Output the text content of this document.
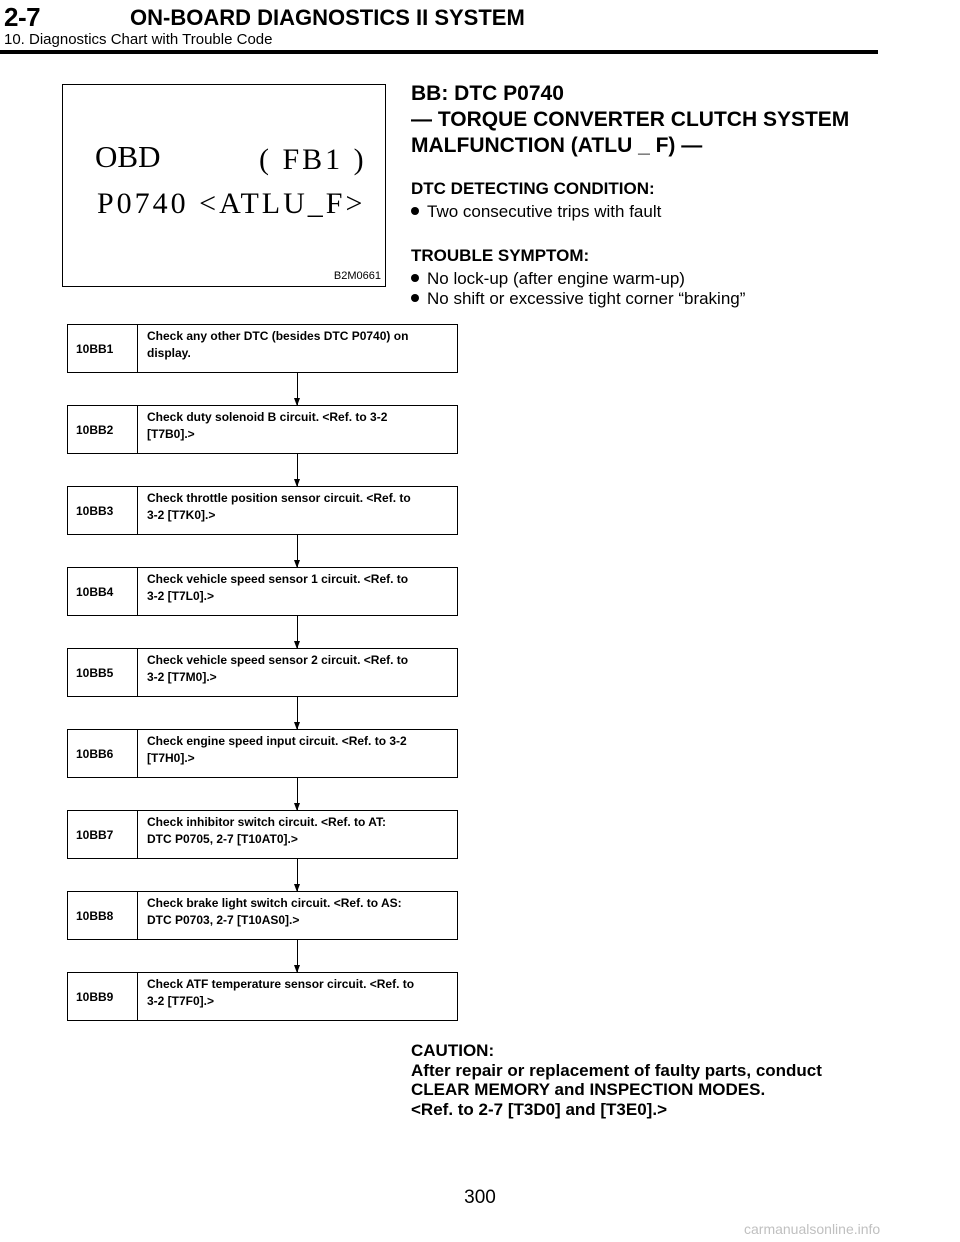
2-7	ON-BOARD DIAGNOSTICS II SYSTEM
10. Diagnostics Chart with Trouble Code
OBD	( FB1 )
P0740 <ATLU_F>
B2M0661
BB: DTC P0740
— TORQUE CONVERTER CLUTCH SYSTEM
MALFUNCTION (ATLU _ F) —
DTC DETECTING CONDITION:
Two consecutive trips with fault
TROUBLE SYMPTOM:
No lock-up (after engine warm-up)
No shift or excessive tight corner “braking”
10BB1
Check any other DTC (besides DTC P0740) on
display.
10BB2
Check duty solenoid B circuit. <Ref. to 3-2
[T7B0].>
10BB3
Check throttle position sensor circuit. <Ref. to
3-2 [T7K0].>
10BB4
Check vehicle speed sensor 1 circuit. <Ref. to
3-2 [T7L0].>
10BB5
Check vehicle speed sensor 2 circuit. <Ref. to
3-2 [T7M0].>
10BB6
Check engine speed input circuit. <Ref. to 3-2
[T7H0].>
10BB7
Check inhibitor switch circuit. <Ref. to AT:
DTC P0705, 2-7 [T10AT0].>
10BB8
Check brake light switch circuit. <Ref. to AS:
DTC P0703, 2-7 [T10AS0].>
10BB9
Check ATF temperature sensor circuit. <Ref. to
3-2 [T7F0].>
CAUTION:
After repair or replacement of faulty parts, conduct
CLEAR MEMORY and INSPECTION MODES.
<Ref. to 2-7 [T3D0] and [T3E0].>
300
carmanualsonline.info
